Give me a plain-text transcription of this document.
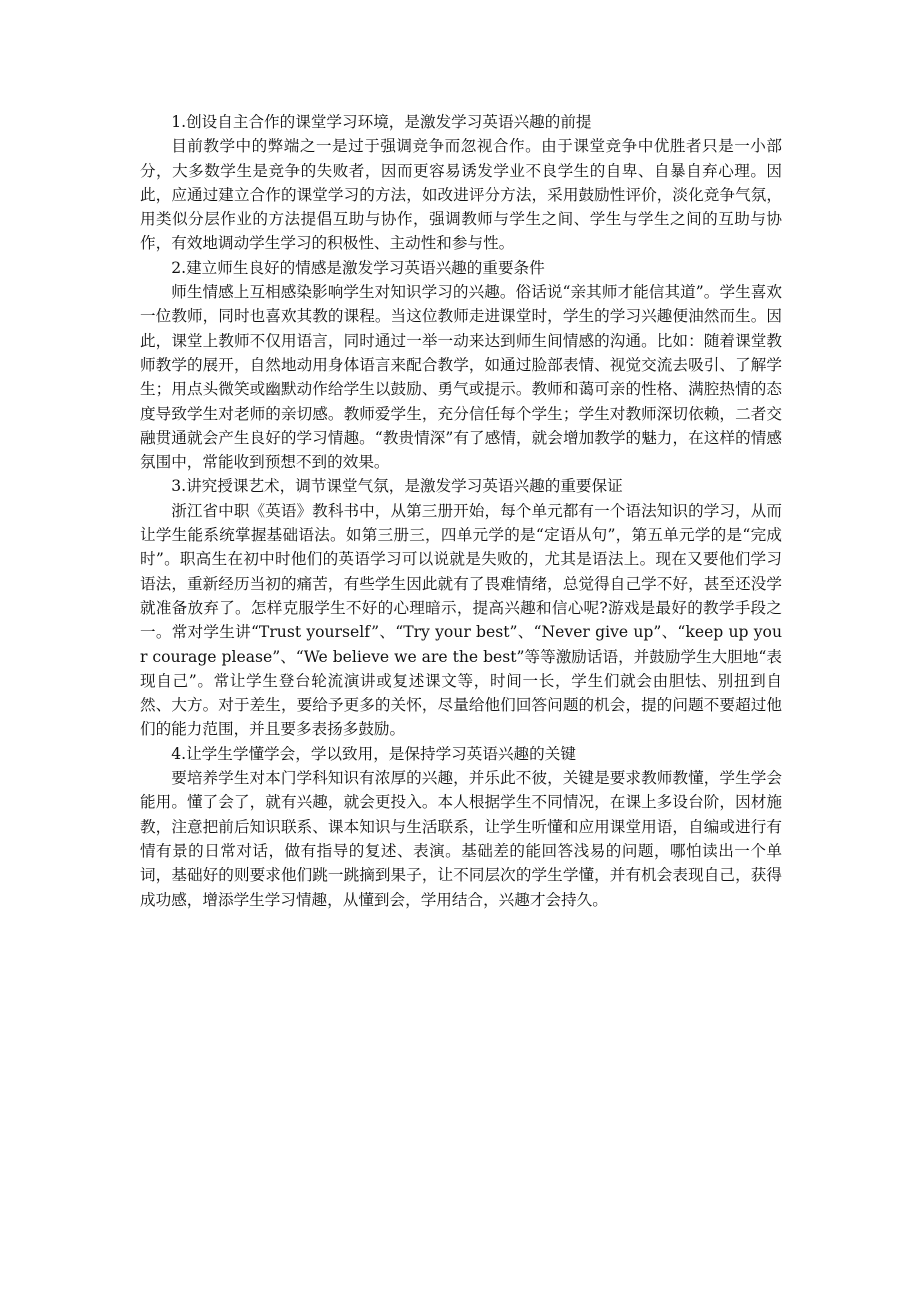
1.创设自主合作的课堂学习环境，是激发学习英语兴趣的前提

目前教学中的弊端之一是过于强调竞争而忽视合作。由于课堂竞争中优胜者只是一小部分，大多数学生是竞争的失败者，因而更容易诱发学业不良学生的自卑、自暴自弃心理。因此，应通过建立合作的课堂学习的方法，如改进评分方法，采用鼓励性评价，淡化竞争气氛，用类似分层作业的方法提倡互助与协作，强调教师与学生之间、学生与学生之间的互助与协作，有效地调动学生学习的积极性、主动性和参与性。

2.建立师生良好的情感是激发学习英语兴趣的重要条件

师生情感上互相感染影响学生对知识学习的兴趣。俗话说“亲其师才能信其道”。学生喜欢一位教师，同时也喜欢其教的课程。当这位教师走进课堂时，学生的学习兴趣便油然而生。因此，课堂上教师不仅用语言，同时通过一举一动来达到师生间情感的沟通。比如：随着课堂教师教学的展开，自然地动用身体语言来配合教学，如通过脸部表情、视觉交流去吸引、了解学生；用点头微笑或幽默动作给学生以鼓励、勇气或提示。教师和蔼可亲的性格、满腔热情的态度导致学生对老师的亲切感。教师爱学生，充分信任每个学生；学生对教师深切依赖，二者交融贯通就会产生良好的学习情趣。“教贵情深”有了感情，就会增加教学的魅力，在这样的情感氛围中，常能收到预想不到的效果。

3.讲究授课艺术，调节课堂气氛，是激发学习英语兴趣的重要保证

浙江省中职《英语》教科书中，从第三册开始，每个单元都有一个语法知识的学习，从而让学生能系统掌握基础语法。如第三册三，四单元学的是“定语从句”，第五单元学的是“完成时”。职高生在初中时他们的英语学习可以说就是失败的，尤其是语法上。现在又要他们学习语法，重新经历当初的痛苦，有些学生因此就有了畏难情绪，总觉得自己学不好，甚至还没学就准备放弃了。怎样克服学生不好的心理暗示，提高兴趣和信心呢?游戏是最好的教学手段之一。常对学生讲“Trust yourself”、“Try your best”、“Never give up”、“keep up your courage please”、“We believe we are the best”等等激励话语，并鼓励学生大胆地“表现自己”。常让学生登台轮流演讲或复述课文等，时间一长，学生们就会由胆怯、别扭到自然、大方。对于差生，要给予更多的关怀，尽量给他们回答问题的机会，提的问题不要超过他们的能力范围，并且要多表扬多鼓励。

4.让学生学懂学会，学以致用，是保持学习英语兴趣的关键

要培养学生对本门学科知识有浓厚的兴趣，并乐此不彼，关键是要求教师教懂，学生学会能用。懂了会了，就有兴趣，就会更投入。本人根据学生不同情况，在课上多设台阶，因材施教，注意把前后知识联系、课本知识与生活联系，让学生听懂和应用课堂用语，自编或进行有情有景的日常对话，做有指导的复述、表演。基础差的能回答浅易的问题，哪怕读出一个单词，基础好的则要求他们跳一跳摘到果子，让不同层次的学生学懂，并有机会表现自己，获得成功感，增添学生学习情趣，从懂到会，学用结合，兴趣才会持久。
